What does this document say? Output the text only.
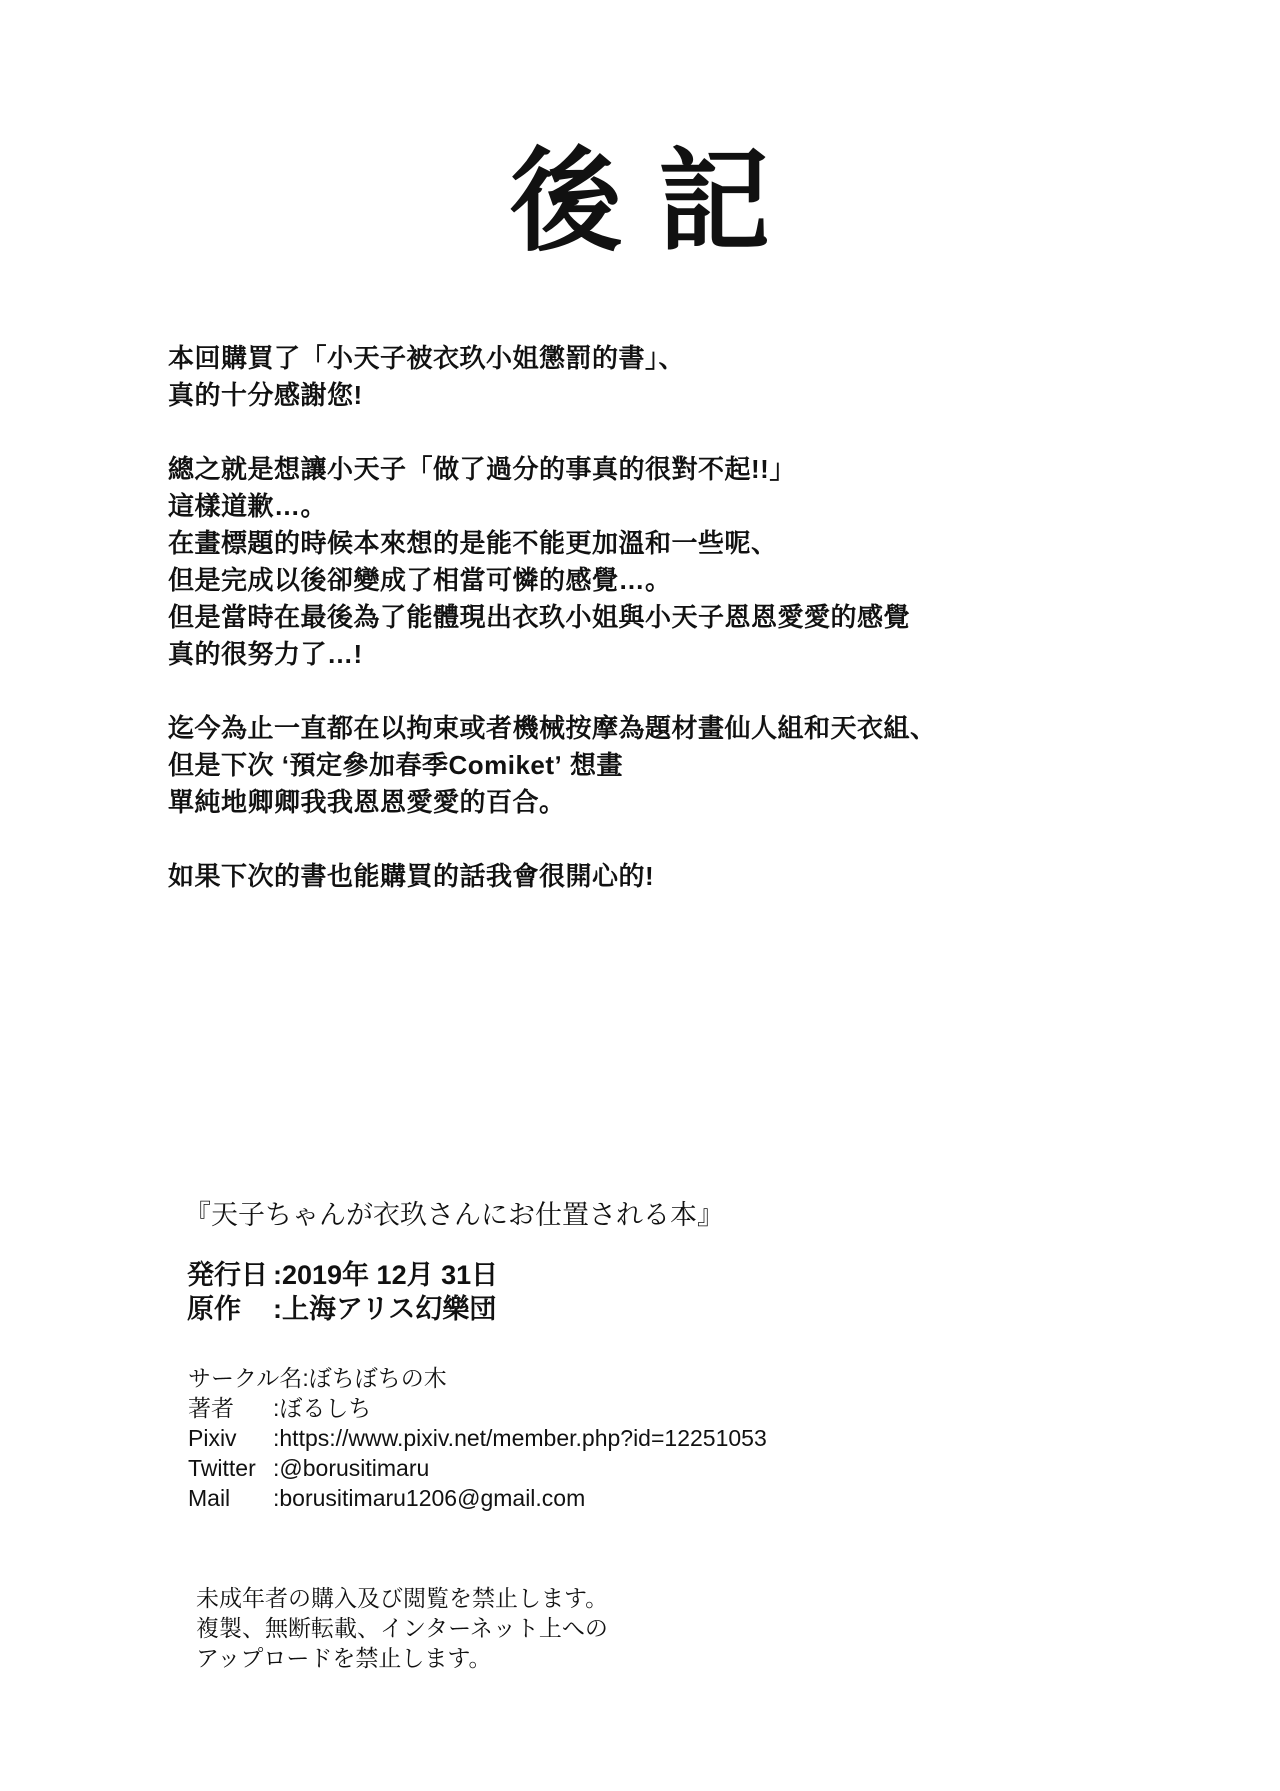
後記
本回購買了「小天子被衣玖小姐懲罰的書」、
真的十分感謝您!
總之就是想讓小天子「做了過分的事真的很對不起!!」
這樣道歉…。
在畫標題的時候本來想的是能不能更加溫和一些呢、
但是完成以後卻變成了相當可憐的感覺…。
但是當時在最後為了能體現出衣玖小姐與小天子恩恩愛愛的感覺
真的很努力了…!
迄今為止一直都在以拘束或者機械按摩為題材畫仙人組和天衣組、
但是下次 ʻ預定參加春季Comiketʼ 想畫
單純地卿卿我我恩恩愛愛的百合。
如果下次的書也能購買的話我會很開心的!
『天子ちゃんが衣玖さんにお仕置される本』
発行日 :2019年 12月 31日
原作	:上海アリス幻樂団
サークル名 :ぼちぼちの木
著者	:ぼるしち
Pixiv	:https://www.pixiv.net/member.php?id=12251053
Twitter :@borusitimaru
Mail	:borusitimaru1206@gmail.com
未成年者の購入及び閲覧を禁止します。
複製、無断転載、インターネット上への
アップロードを禁止します。
